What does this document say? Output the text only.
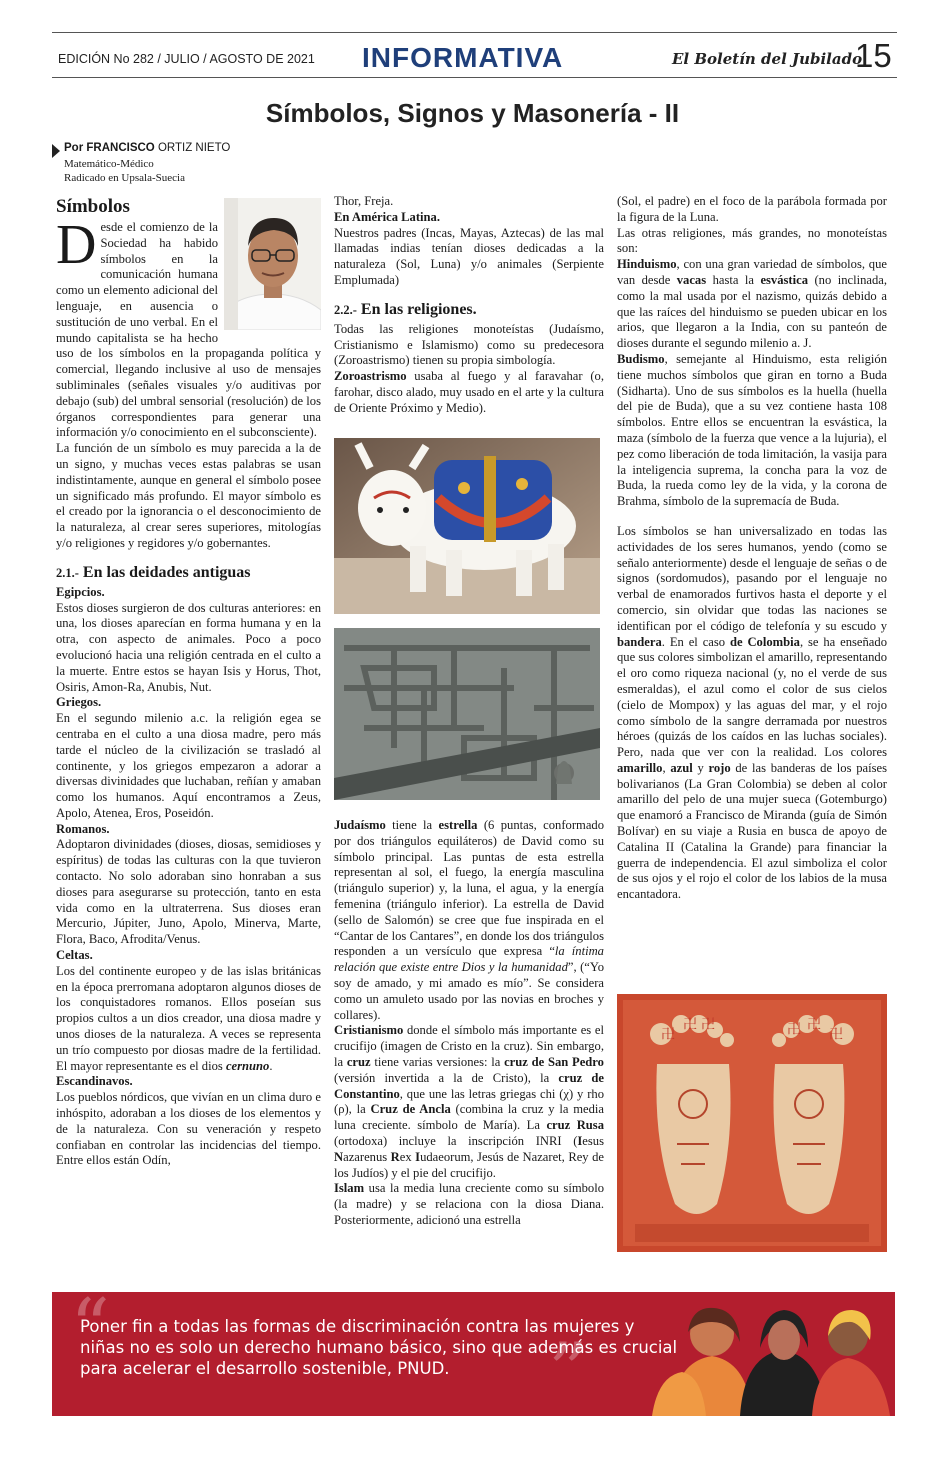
EDICIÓN No 282 / JULIO / AGOSTO DE 2021 INFORMATIVA	El Boletín del Jubilado
15
Símbolos, Signos y Masonería - II
Por FRANCISCO ORTIZ NIETO
Matemático-Médico
Radicado en Upsala-Suecia
Símbolos

Desde el comienzo de la Sociedad ha habido símbolos en la comunicación humana como un elemento adicional del lenguaje, en ausencia o sustitución de uno verbal. En el mundo capitalista se ha hecho uso de los símbolos en la propaganda política y comercial, llegando inclusive al uso de mensajes subliminales (señales visuales y/o auditivas por debajo (sub) del umbral sensorial (resolución) de los órganos correspondientes para generar una información y/o conocimiento en el subconsciente).

La función de un símbolo es muy parecida a la de un signo, y muchas veces estas palabras se usan indistintamente, aunque en general el símbolo posee un significado más profundo. El mayor símbolo es el creado por la ignorancia o el desconocimiento de la naturaleza, al crear seres superiores, mitologías y/o religiones y regidores y/o gobernantes.

2.1.- En las deidades antiguas
Egipcios.

Estos dioses surgieron de dos culturas anteriores: en una, los dioses aparecían en forma humana y en la otra, con aspecto de animales. Poco a poco evolucionó hacia una religión centrada en el culto a la muerte. Entre estos se hayan Isis y Horus, Thot, Osiris, Amon-Ra, Anubis, Nut.

Griegos.

En el segundo milenio a.c. la religión egea se centraba en el culto a una diosa madre, pero más tarde el núcleo de la civilización se trasladó al continente, y los griegos empezaron a adorar a diversas divinidades que luchaban, reñían y amaban como los humanos. Aquí encontramos a Zeus, Apolo, Atenea, Eros, Poseidón.

Romanos.

Adoptaron divinidades (dioses, diosas, semidioses y espíritus) de todas las culturas con la que tuvieron contacto. No solo adoraban sino honraban a sus dioses para asegurarse su protección, tanto en esta vida como en la ultraterrena. Sus dioses eran Mercurio, Júpiter, Juno, Apolo, Minerva, Marte, Flora, Baco, Afrodita/Venus.

Celtas.

Los del continente europeo y de las islas británicas en la época prerromana adoptaron algunos dioses de los conquistadores romanos. Ellos poseían sus propios cultos a un dios creador, una diosa madre y unos dioses de la naturaleza. A veces se representa un trío compuesto por diosas madre de la fertilidad. El mayor representante es el dios cernuno.

Escandinavos.

Los pueblos nórdicos, que vivían en un clima duro e inhóspito, adoraban a los dioses de los elementos y de la naturaleza. Con su veneración y respeto confiaban en controlar las incidencias del tiempo. Entre ellos están Odín,

Thor, Freja.

En América Latina.

Nuestros padres (Incas, Mayas, Aztecas) de las mal llamadas indias tenían dioses dedicadas a la naturaleza (Sol, Luna) y/o animales (Serpiente Emplumada)

2.2.- En las religiones.

Todas las religiones monoteístas (Judaísmo, Cristianismo e Islamismo) como su predecesora (Zoroastrismo) tienen su propia simbología.

Zoroastrismo usaba al fuego y al faravahar (o, farohar, disco alado, muy usado en el arte y la cultura de Oriente Próximo y Medio).

Judaísmo tiene la estrella (6 puntas, conformado por dos triángulos equiláteros) de David como su símbolo principal. Las puntas de esta estrella representan al sol, el fuego, la energía masculina (triángulo superior) y, la luna, el agua, y la energía femenina (triángulo inferior). La estrella de David (sello de Salomón) se cree que fue inspirada en el “Cantar de los Cantares”, en donde los dos triángulos responden a un versículo que expresa “la íntima relación que existe entre Dios y la humanidad”, (“Yo soy de amado, y mi amado es mío”. Se considera como un amuleto usado por las novias en broches y collares).

Cristianismo donde el símbolo más importante es el crucifijo (imagen de Cristo en la cruz). Sin embargo, la cruz tiene varias versiones: la cruz de San Pedro (versión invertida a la de Cristo), la cruz de Constantino, que une las letras griegas chi (χ) y rho (ρ), la Cruz de Ancla (combina la cruz y la media luna creciente. símbolo de María). La cruz Rusa (ortodoxa) incluye la inscripción INRI (Iesus Nazarenus Rex Iudaeorum, Jesús de Nazaret, Rey de los Judíos) y el pie del crucifijo.

Islam usa la media luna creciente como su símbolo (la madre) y se relaciona con la diosa Diana. Posteriormente, adicionó una estrella

(Sol, el padre) en el foco de la parábola formada por la figura de la Luna.

Las otras religiones, más grandes, no monoteístas son:

Hinduismo, con una gran variedad de símbolos, que van desde vacas hasta la esvástica (no inclinada, como la mal usada por el nazismo, quizás debido a que las raíces del hinduismo se pueden ubicar en los arios, que llegaron a la India, con su panteón de dioses durante el segundo milenio a. J.

Budismo, semejante al Hinduismo, esta religión tiene muchos símbolos que giran en torno a Buda (Sidharta). Uno de sus símbolos es la huella (huella del pie de Buda), que a su vez contiene hasta 108 símbolos. Entre ellos se encuentran la esvástica, la maza (símbolo de la fuerza que vence a la lujuria), el pez como liberación de toda limitación, la vasija para la inteligencia suprema, la concha para la voz de Buda, la rueda como ley de la vida, y la corona de Brahma, símbolo de la supremacía de Buda.

Los símbolos se han universalizado en todas las actividades de los seres humanos, yendo (como se señalo anteriormente) desde el lenguaje de señas o de signos (sordomudos), pasando por el lenguaje no verbal de enamorados furtivos hasta el deporte y el comercio, sin olvidar que todas las naciones se identifican por el código de telefonía y su escudo y bandera. En el caso de Colombia, se ha enseñado que sus colores simbolizan el amarillo, representando el oro como riqueza nacional (y, no el verde de sus esmeraldas), el azul como el color de sus cielos (cielo de Mompox) y las aguas del mar, y el rojo como símbolo de la sangre derramada por nuestros héroes (quizás de los caídos en las luchas sociales). Pero, nada que ver con la realidad. Los colores amarillo, azul y rojo de las banderas de los países bolivarianos (La Gran Colombia) se deben al color amarillo del pelo de una mujer sueca (Gotemburgo) que enamoró a Francisco de Miranda (guía de Simón Bolívar) en su viaje a Rusia en busca de apoyo de Catalina II (Catalina la Grande) para financiar la guerra de independencia. El azul simboliza el color de sus ojos y el rojo el color de los labios de la musa encantadora.

卍
卍 卍	卍 卍
卍
“	”
Poner fin a todas las formas de discriminación contra las mujeres y niñas no es solo un derecho humano básico, sino que además es crucial para acelerar el desarrollo sostenible, PNUD.
